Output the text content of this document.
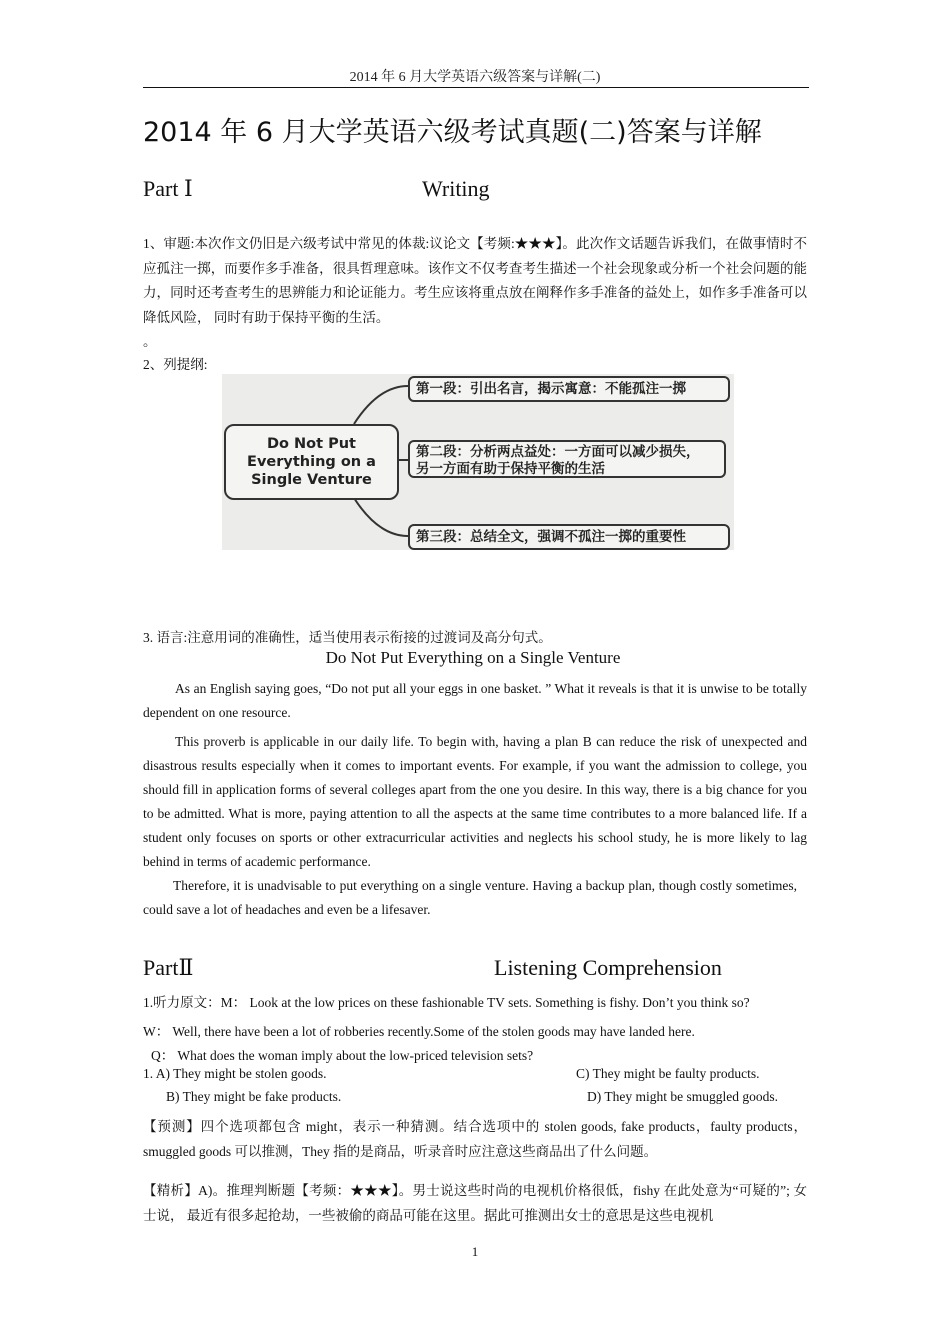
2014 年 6 月大学英语六级答案与详解(二)
2014 年 6 月大学英语六级考试真题(二)答案与详解
Part Ⅰ	Writing
1、审题:本次作文仍旧是六级考试中常见的体裁:议论文【考频:★★★】。此次作文话题告诉我们，在做事情时不应孤注一掷，而要作多手准备，很具哲理意味。该作文不仅考查考生描述一个社会现象或分析一个社会问题的能力，同时还考查考生的思辨能力和论证能力。考生应该将重点放在阐释作多手准备的益处上，如作多手准备可以降低风险， 同时有助于保持平衡的生活。
。
2、列提纲:
Do Not Put Everything on a Single Venture
第一段：引出名言，揭示寓意：不能孤注一掷
第二段：分析两点益处：一方面可以减少损失，
另一方面有助于保持平衡的生活
第三段：总结全文，强调不孤注一掷的重要性
3. 语言:注意用词的准确性，适当使用表示衔接的过渡词及高分句式。
Do Not Put Everything on a Single Venture
As an English saying goes, “Do not put all your eggs in one basket. ” What it reveals is that it is unwise to be totally dependent on one resource.
This proverb is applicable in our daily life. To begin with, having a plan B can reduce the risk of unexpected and disastrous results especially when it comes to important events. For example, if you want the admission to college, you should fill in application forms of several colleges apart from the one you desire. In this way, there is a big chance for you to be admitted. What is more, paying attention to all the aspects at the same time contributes to a more balanced life. If a student only focuses on sports or other extracurricular activities and neglects his school study, he is more likely to lag behind in terms of academic performance.
Therefore, it is unadvisable to put everything on a single venture. Having a backup plan, though costly sometimes, could save a lot of headaches and even be a lifesaver.
PartⅡ	Listening Comprehension
1.听力原文：M： Look at the low prices on these fashionable TV sets. Something is fishy. Don’t you think so?
W： Well, there have been a lot of robberies recently.Some of the stolen goods may have landed here.
Q： What does the woman imply about the low-priced television sets?
1. A) They might be stolen goods.	C) They might be faulty products.
B) They might be fake products.	D) They might be smuggled goods.
【预测】四个选项都包含 might，表示一种猜测。结合选项中的 stolen goods, fake products，faulty products，smuggled goods 可以推测，They 指的是商品，听录音时应注意这些商品出了什么问题。
【精析】A)。推理判断题【考频：★★★】。男士说这些时尚的电视机价格很低，fishy 在此处意为“可疑的”; 女士说， 最近有很多起抢劫，一些被偷的商品可能在这里。据此可推测出女士的意思是这些电视机
1
